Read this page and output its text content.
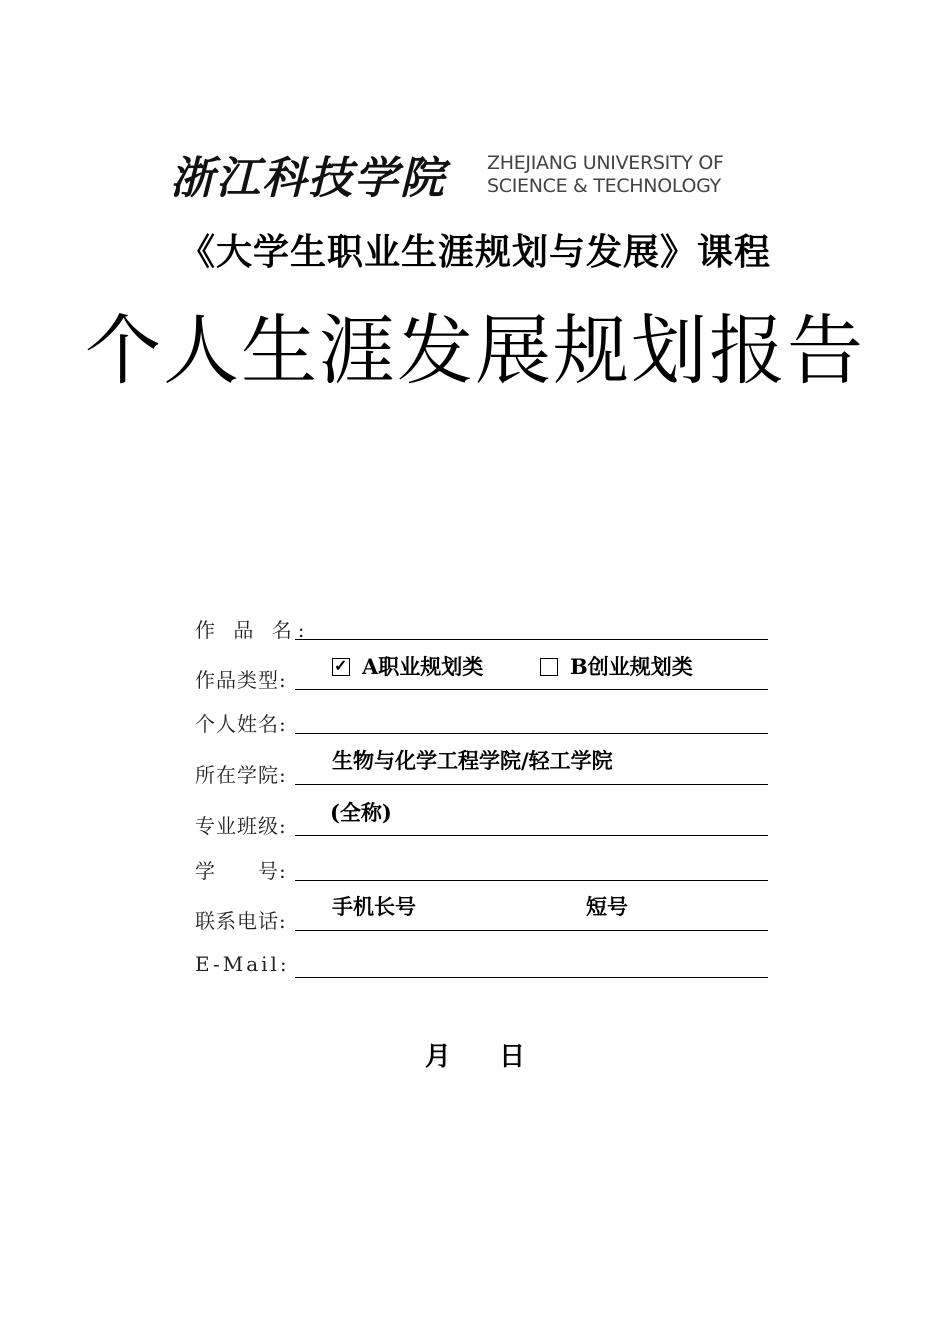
浙江科技学院 ZHEJIANG UNIVERSITY OF
SCIENCE & TECHNOLOGY
《大学生职业生涯规划与发展》课程
个人生涯发展规划报告
作 品 名:
作品类型:
✓ A职业规划类	B创业规划类
个人姓名:
所在学院:
生物与化学工程学院/轻工学院
专业班级:
(全称)
学　　号:
联系电话:
手机长号	短号
E-Mail:
月 日
